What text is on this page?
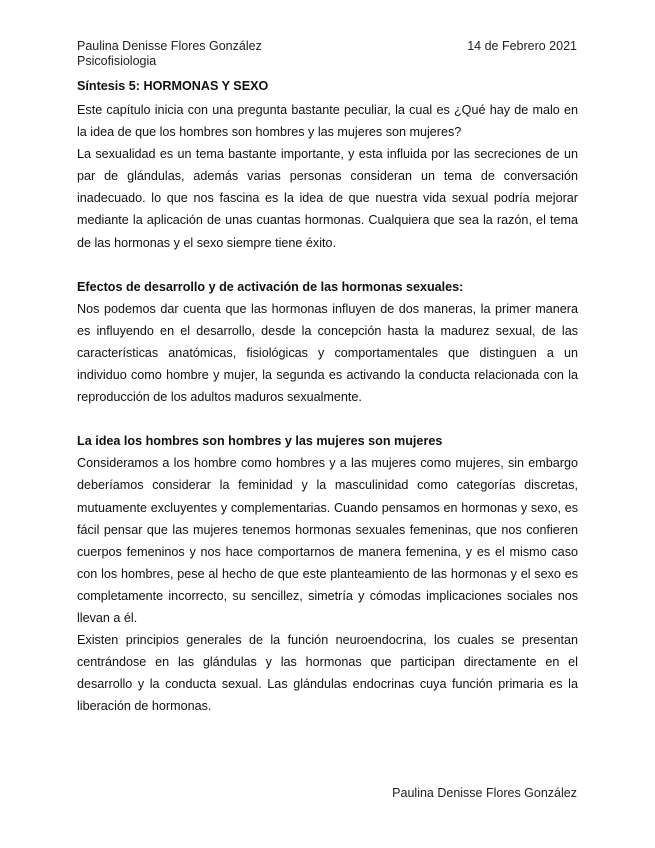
Paulina Denisse Flores González
Psicofisiologia
14 de Febrero 2021

Síntesis 5: HORMONAS Y SEXO

Este capítulo inicia con una pregunta bastante peculiar, la cual es ¿Qué hay de malo en la idea de que los hombres son hombres y las mujeres son mujeres?

La sexualidad es un tema bastante importante, y esta influida por las secreciones de un par de glándulas, además varias personas consideran un tema de conversación inadecuado. lo que nos fascina es la idea de que nuestra vida sexual podría mejorar mediante la aplicación de unas cuantas hormonas. Cualquiera que sea la razón, el tema de las hormonas y el sexo siempre tiene éxito.

Efectos de desarrollo y de activación de las hormonas sexuales:

Nos podemos dar cuenta que las hormonas influyen de dos maneras, la primer manera es influyendo en el desarrollo, desde la concepción hasta la madurez sexual, de las características anatómicas, fisiológicas y comportamentales que distinguen a un individuo como hombre y mujer, la segunda es activando la conducta relacionada con la reproducción de los adultos maduros sexualmente.

La idea los hombres son hombres y las mujeres son mujeres

Consideramos a los hombre como hombres y a las mujeres como mujeres, sin embargo deberíamos considerar la feminidad y la masculinidad como categorías discretas, mutuamente excluyentes y complementarias. Cuando pensamos en hormonas y sexo, es fácil pensar que las mujeres tenemos hormonas sexuales femeninas, que nos confieren cuerpos femeninos y nos hace comportarnos de manera femenina, y es el mismo caso con los hombres, pese al hecho de que este planteamiento de las hormonas y el sexo es completamente incorrecto, su sencillez, simetría y cómodas implicaciones sociales nos llevan a él.

Existen principios generales de la función neuroendocrina, los cuales se presentan centrándose en las glándulas y las hormonas que participan directamente en el desarrollo y la conducta sexual. Las glándulas endocrinas cuya función primaria es la liberación de hormonas.

Paulina Denisse Flores González
